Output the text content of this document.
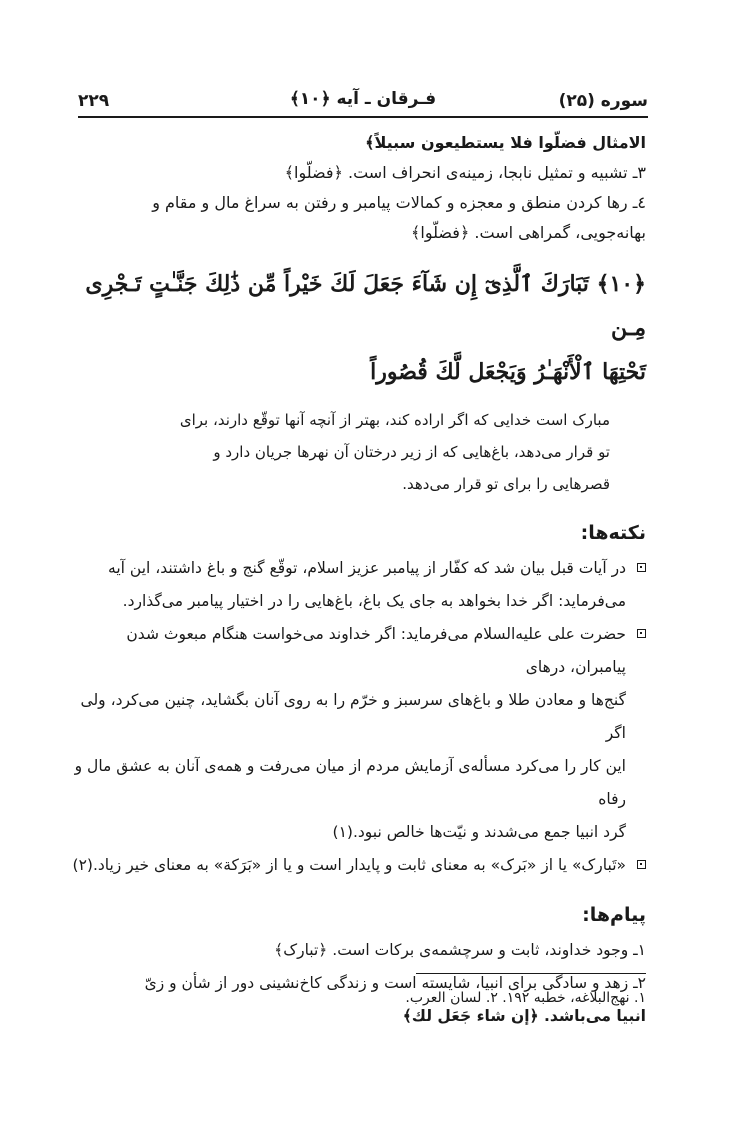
سوره (۲۵)
فـرقان ـ آیه ﴿۱۰﴾
۲۲۹

الامثال فضلّوا فلا یستطیعون سبیلاً﴾

۳ـ تشبیه و تمثیل نابجا، زمینه‌ی انحراف است. ﴿فضلّوا﴾

٤ـ رها کردن منطق و معجزه و کمالات پیامبر و رفتن به سراغ مال و مقام و

بهانه‌جویی، گمراهی است. ﴿فضلّوا﴾

﴿۱۰﴾ تَبَارَكَ ٱلَّذِىٓ إِن شَآءَ جَعَلَ لَكَ خَيْراً مِّن ذَٰلِكَ جَنَّـٰتٍ تَـجْرِى مِـن

تَحْتِهَا ٱلْأَنْهَـٰرُ وَيَجْعَل لَّكَ قُصُوراً

مبارک است خدایی که اگر اراده کند، بهتر از آنچه آنها توقّع دارند، برای

تو قرار می‌دهد، باغ‌هایی که از زیر درختان آن نهرها جریان دارد و

قصرهایی را برای تو قرار می‌دهد.

نکته‌ها:

در آیات قبل بیان شد که کفّار از پیامبر عزیز اسلام، توقّع گنج و باغ داشتند، این آیه

می‌فرماید: اگر خدا بخواهد به جای یک باغ، باغ‌هایی را در اختیار پیامبر می‌گذارد.

حضرت علی علیه‌السلام می‌فرماید: اگر خداوند می‌خواست هنگام مبعوث شدن پیامبران، درهای

گنج‌ها و معادن طلا و باغ‌های سرسبز و خرّم را به روی آنان بگشاید، چنین می‌کرد، ولی اگر

این کار را می‌کرد مسأله‌ی آزمایش مردم از میان می‌رفت و همه‌ی آنان به عشق مال و رفاه

گرد انبیا جمع می‌شدند و نیّت‌ها خالص نبود.(۱)

«تَبارک» یا از «بَرک» به معنای ثابت و پایدار است و یا از «بَرَکة» به معنای خیر زیاد.(۲)

پیام‌ها:

۱ـ وجود خداوند، ثابت و سرچشمه‌ی برکات است. ﴿تبارک﴾

۲ـ زهد و سادگی برای انبیا، شایسته است و زندگی کاخ‌نشینی دور از شأن و زیّ

انبیا می‌باشد. ﴿إن شاء جَعَل لك﴾

۱. نهج‌البلاغه، خطبه ۱۹۲. ۲. لسان العرب.
